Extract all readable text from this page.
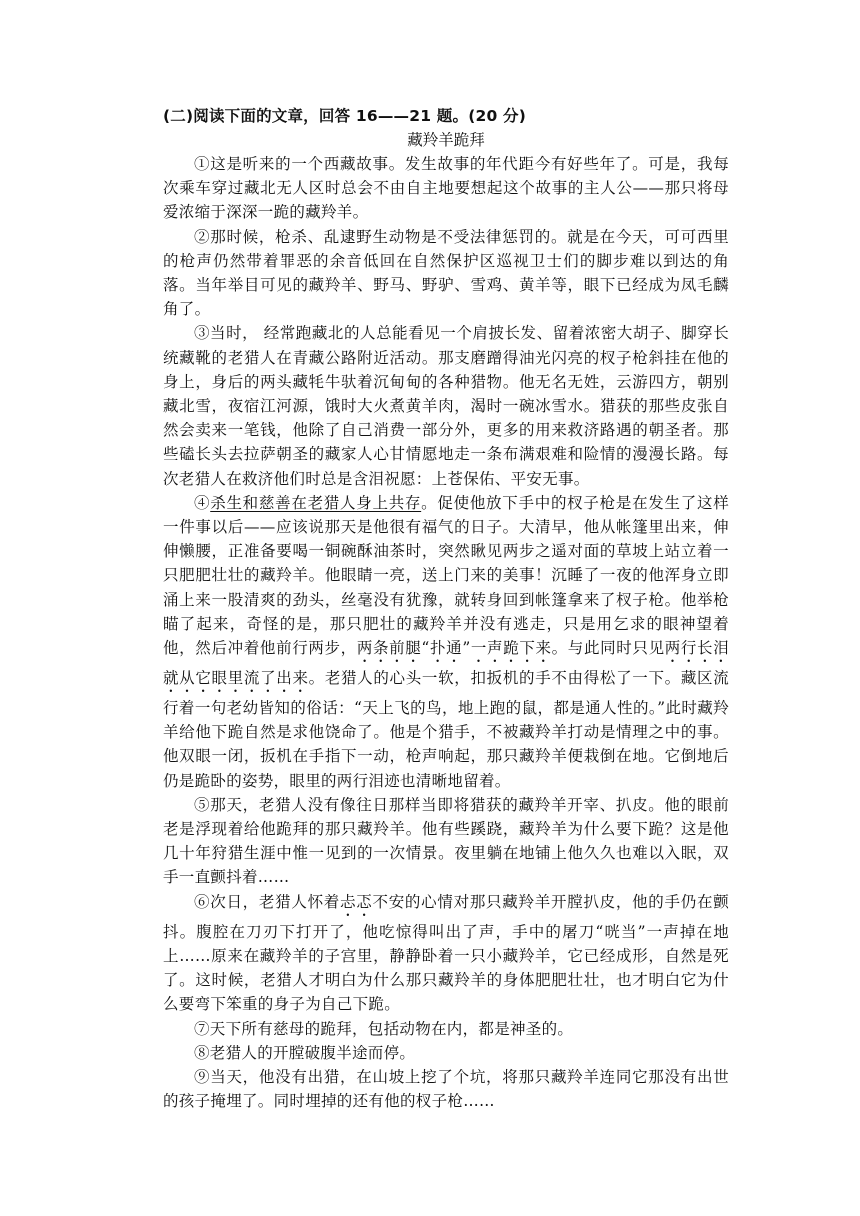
(二)阅读下面的文章，回答 16——21 题。(20 分)
藏羚羊跪拜

①这是听来的一个西藏故事。发生故事的年代距今有好些年了。可是，我每次乘车穿过藏北无人区时总会不由自主地要想起这个故事的主人公——那只将母爱浓缩于深深一跪的藏羚羊。

②那时候，枪杀、乱逮野生动物是不受法律惩罚的。就是在今天，可可西里的枪声仍然带着罪恶的余音低回在自然保护区巡视卫士们的脚步难以到达的角落。当年举目可见的藏羚羊、野马、野驴、雪鸡、黄羊等，眼下已经成为凤毛麟角了。

③当时， 经常跑藏北的人总能看见一个肩披长发、留着浓密大胡子、脚穿长统藏靴的老猎人在青藏公路附近活动。那支磨蹭得油光闪亮的杈子枪斜挂在他的身上，身后的两头藏牦牛驮着沉甸甸的各种猎物。他无名无姓，云游四方，朝别藏北雪，夜宿江河源，饿时大火煮黄羊肉，渴时一碗冰雪水。猎获的那些皮张自然会卖来一笔钱，他除了自己消费一部分外，更多的用来救济路遇的朝圣者。那些磕长头去拉萨朝圣的藏家人心甘情愿地走一条布满艰难和险情的漫漫长路。每次老猎人在救济他们时总是含泪祝愿：上苍保佑、平安无事。

④杀生和慈善在老猎人身上共存。促使他放下手中的杈子枪是在发生了这样一件事以后——应该说那天是他很有福气的日子。大清早，他从帐篷里出来，伸伸懒腰，正准备要喝一铜碗酥油茶时，突然瞅见两步之遥对面的草坡上站立着一只肥肥壮壮的藏羚羊。他眼睛一亮，送上门来的美事！沉睡了一夜的他浑身立即涌上来一股清爽的劲头，丝毫没有犹豫，就转身回到帐篷拿来了杈子枪。他举枪瞄了起来，奇怪的是，那只肥壮的藏羚羊并没有逃走，只是用乞求的眼神望着他，然后冲着他前行两步，两条前腿“扑通”一声跪下来。与此同时只见两行长泪就从它眼里流了出来。老猎人的心头一软，扣扳机的手不由得松了一下。藏区流行着一句老幼皆知的俗话：“天上飞的鸟，地上跑的鼠，都是通人性的。”此时藏羚羊给他下跪自然是求他饶命了。他是个猎手，不被藏羚羊打动是情理之中的事。他双眼一闭，扳机在手指下一动，枪声响起，那只藏羚羊便栽倒在地。它倒地后仍是跪卧的姿势，眼里的两行泪迹也清晰地留着。

⑤那天，老猎人没有像往日那样当即将猎获的藏羚羊开宰、扒皮。他的眼前老是浮现着给他跪拜的那只藏羚羊。他有些蹊跷，藏羚羊为什么要下跪？这是他几十年狩猎生涯中惟一见到的一次情景。夜里躺在地铺上他久久也难以入眠，双手一直颤抖着……

⑥次日，老猎人怀着忐忑不安的心情对那只藏羚羊开膛扒皮，他的手仍在颤抖。腹腔在刀刃下打开了，他吃惊得叫出了声，手中的屠刀“咣当”一声掉在地上……原来在藏羚羊的子宫里，静静卧着一只小藏羚羊，它已经成形，自然是死了。这时候，老猎人才明白为什么那只藏羚羊的身体肥肥壮壮，也才明白它为什么要弯下笨重的身子为自己下跪。

⑦天下所有慈母的跪拜，包括动物在内，都是神圣的。

⑧老猎人的开膛破腹半途而停。

⑨当天，他没有出猎，在山坡上挖了个坑，将那只藏羚羊连同它那没有出世的孩子掩埋了。同时埋掉的还有他的杈子枪……
